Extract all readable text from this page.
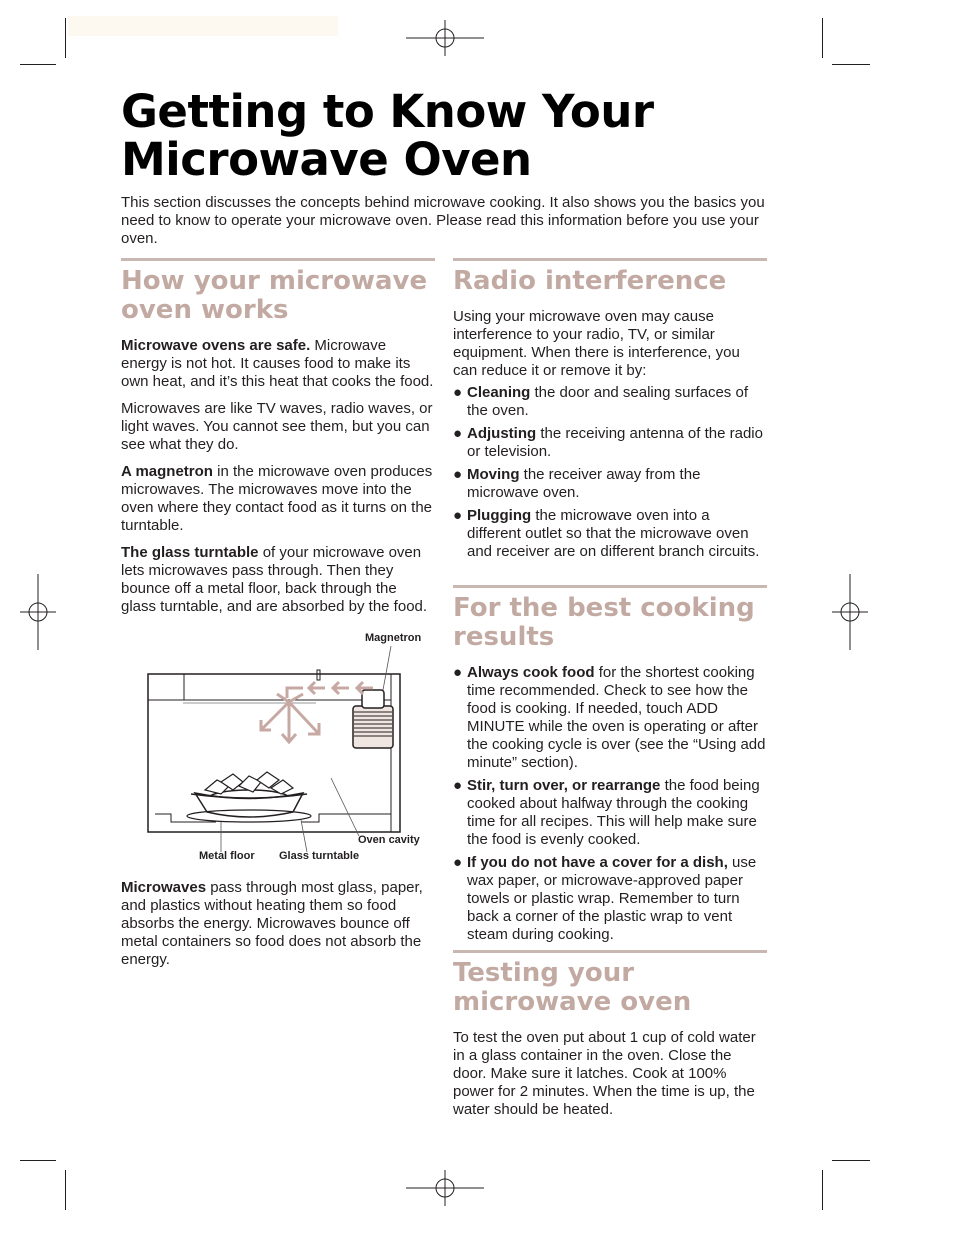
Getting to Know Your Microwave Oven

This section discusses the concepts behind microwave cooking. It also shows you the basics you need to know to operate your microwave oven. Please read this information before you use your oven.

How your microwave oven works

Microwave ovens are safe. Microwave energy is not hot. It causes food to make its own heat, and it’s this heat that cooks the food.

Microwaves are like TV waves, radio waves, or light waves. You cannot see them, but you can see what they do.

A magnetron in the microwave oven produces microwaves. The microwaves move into the oven where they contact food as it turns on the turntable.

The glass turntable of your microwave oven lets microwaves pass through. Then they bounce off a metal floor, back through the glass turntable, and are absorbed by the food.

Magnetron
Oven cavity
Metal floor Glass turntable

Microwaves pass through most glass, paper, and plastics without heating them so food absorbs the energy. Microwaves bounce off metal containers so food does not absorb the energy.

Radio interference

Using your microwave oven may cause interference to your radio, TV, or similar equipment. When there is interference, you can reduce it or remove it by:

● Cleaning the door and sealing surfaces of the oven.
● Adjusting the receiving antenna of the radio or television.
● Moving the receiver away from the microwave oven.
● Plugging the microwave oven into a different outlet so that the microwave oven and receiver are on different branch circuits.
For the best cooking results
● Always cook food for the shortest cooking time recommended. Check to see how the food is cooking. If needed, touch ADD MINUTE while the oven is operating or after the cooking cycle is over (see the “Using add minute” section).
● Stir, turn over, or rearrange the food being cooked about halfway through the cooking time for all recipes. This will help make sure the food is evenly cooked.
● If you do not have a cover for a dish, use wax paper, or microwave-approved paper towels or plastic wrap. Remember to turn back a corner of the plastic wrap to vent steam during cooking.
Testing your microwave oven

To test the oven put about 1 cup of cold water in a glass container in the oven. Close the door. Make sure it latches. Cook at 100% power for 2 minutes. When the time is up, the water should be heated.
